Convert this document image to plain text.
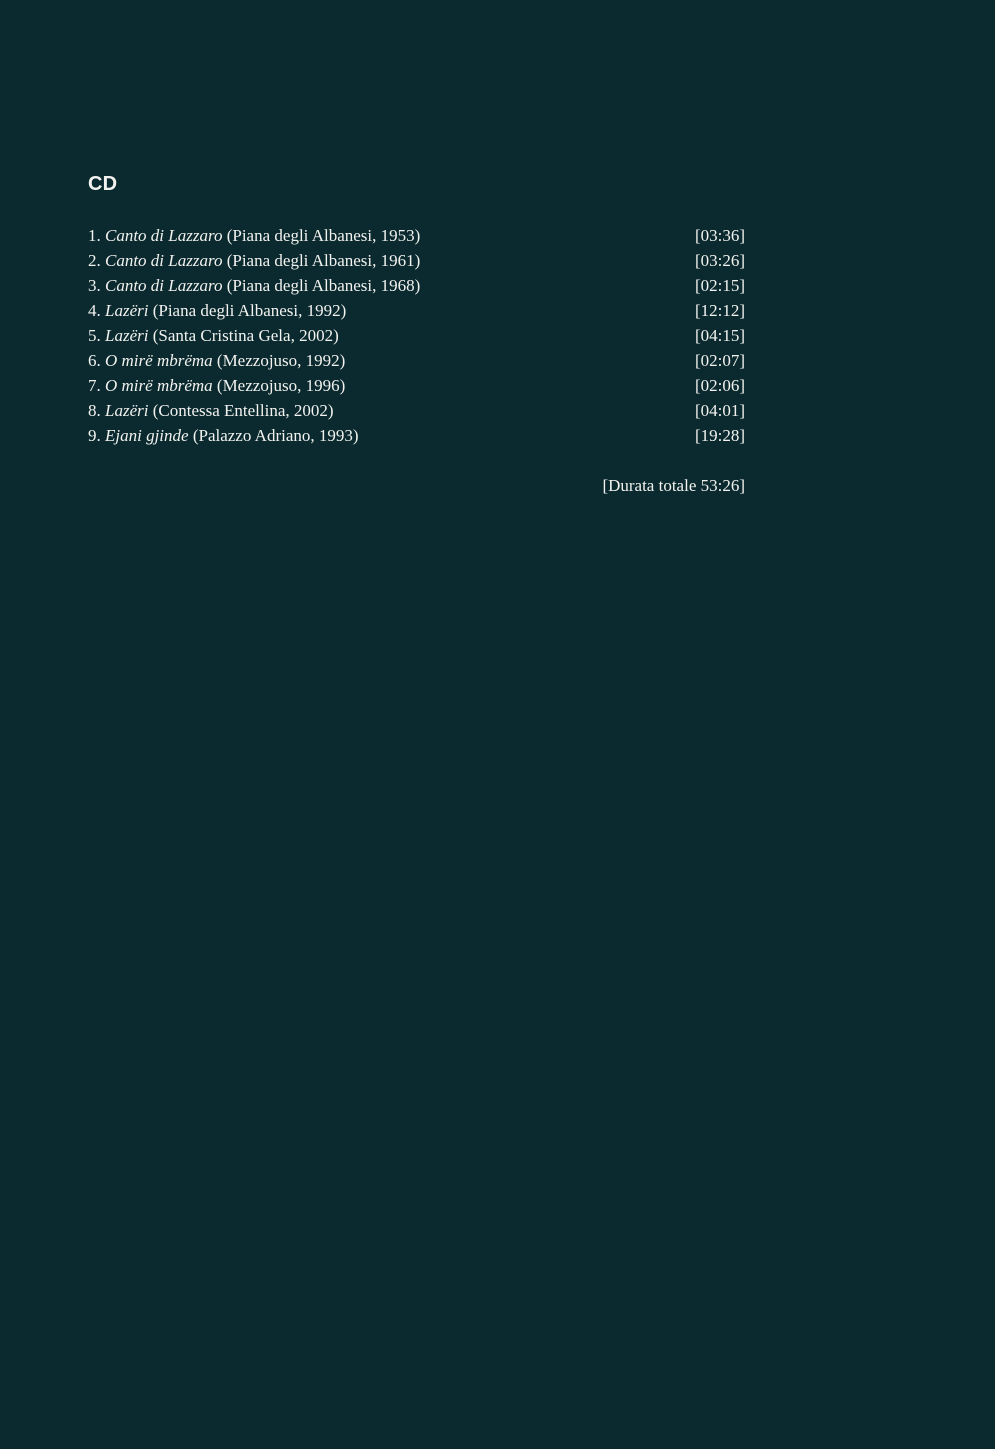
CD
1. Canto di Lazzaro (Piana degli Albanesi, 1953)	[03:36]
2. Canto di Lazzaro (Piana degli Albanesi, 1961)	[03:26]
3. Canto di Lazzaro (Piana degli Albanesi, 1968)	[02:15]
4. Lazëri (Piana degli Albanesi, 1992)	[12:12]
5. Lazëri (Santa Cristina Gela, 2002)	[04:15]
6. O mirë mbrëma (Mezzojuso, 1992)	[02:07]
7. O mirë mbrëma (Mezzojuso, 1996)	[02:06]
8. Lazëri (Contessa Entellina, 2002)	[04:01]
9. Ejani gjinde (Palazzo Adriano, 1993)	[19:28]
[Durata totale 53:26]
